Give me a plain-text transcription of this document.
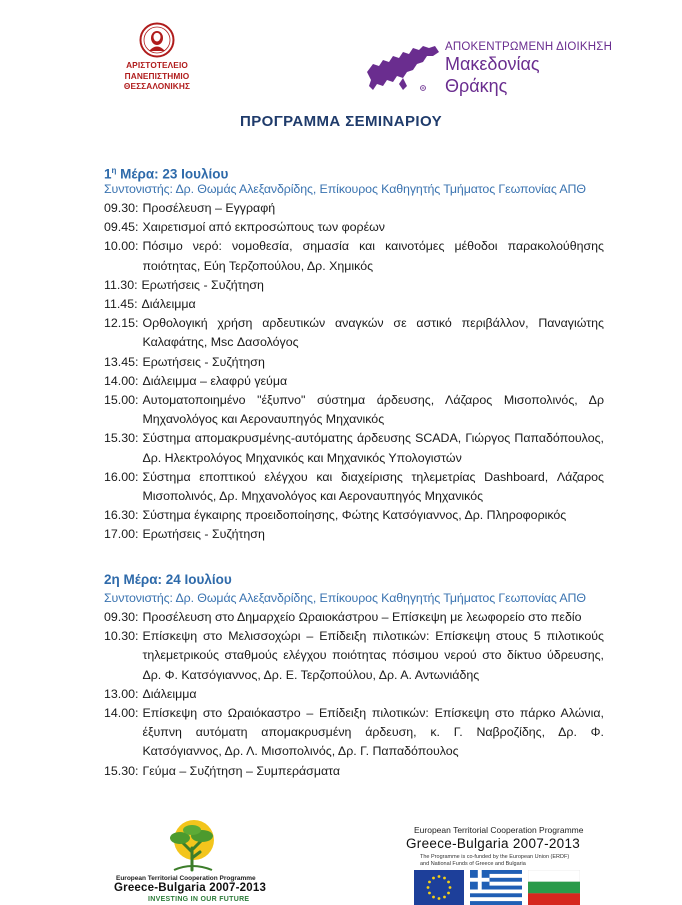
ΑΡΙΣΤΟΤΕΛΕΙΟ
ΠΑΝΕΠΙΣΤΗΜΙΟ
ΘΕΣΣΑΛΟΝΙΚΗΣ
ΑΠΟΚΕΝΤΡΩΜΕΝΗ ΔΙΟΙΚΗΣΗ
Μακεδονίας
Θράκης
ΠΡΟΓΡΑΜΜΑ ΣΕΜΙΝΑΡΙΟΥ
$1^\eta$ Μέρα: 23 Ιουλίου
Συντονιστής: Δρ. Θωμάς Αλεξανδρίδης, Επίκουρος Καθηγητής Τμήματος Γεωπονίας ΑΠΘ
09.30: Προσέλευση – Εγγραφή
09.45: Χαιρετισμοί από εκπροσώπους των φορέων
10.00: Πόσιμο νερό: νομοθεσία, σημασία και καινοτόμες μέθοδοι παρακολούθησης ποιότητας, Εύη Τερζοπούλου, Δρ. Χημικός
11.30: Ερωτήσεις - Συζήτηση
11.45: Διάλειμμα
12.15: Ορθολογική χρήση αρδευτικών αναγκών σε αστικό περιβάλλον, Παναγιώτης Καλαφάτης, Msc Δασολόγος
13.45: Ερωτήσεις - Συζήτηση
14.00: Διάλειμμα – ελαφρύ γεύμα
15.00: Αυτοματοποιημένο "έξυπνο" σύστημα άρδευσης, Λάζαρος Μισοπολινός, Δρ Μηχανολόγος και Αεροναυπηγός Μηχανικός
15.30: Σύστημα απομακρυσμένης-αυτόματης άρδευσης SCADA, Γιώργος Παπαδόπουλος, Δρ. Ηλεκτρολόγος Μηχανικός και Μηχανικός Υπολογιστών
16.00: Σύστημα εποπτικού ελέγχου και διαχείρισης τηλεμετρίας Dashboard, Λάζαρος Μισοπολινός, Δρ. Μηχανολόγος και Αεροναυπηγός Μηχανικός
16.30: Σύστημα έγκαιρης προειδοποίησης, Φώτης Κατσόγιαννος, Δρ. Πληροφορικός
17.00: Ερωτήσεις - Συζήτηση
2η Μέρα: 24 Ιουλίου
Συντονιστής: Δρ. Θωμάς Αλεξανδρίδης, Επίκουρος Καθηγητής Τμήματος Γεωπονίας ΑΠΘ
09.30: Προσέλευση στο Δημαρχείο Ωραιοκάστρου – Επίσκεψη με λεωφορείο στο πεδίο
10.30: Επίσκεψη στο Μελισσοχώρι – Επίδειξη πιλοτικών: Επίσκεψη στους 5 πιλοτικούς τηλεμετρικούς σταθμούς ελέγχου ποιότητας πόσιμου νερού στο δίκτυο ύδρευσης, Δρ. Φ. Κατσόγιαννος, Δρ. Ε. Τερζοπούλου, Δρ. Α. Αντωνιάδης
13.00: Διάλειμμα
14.00: Επίσκεψη στο Ωραιόκαστρο – Επίδειξη πιλοτικών: Επίσκεψη στο πάρκο Αλώνια, έξυπνη αυτόματη απομακρυσμένη άρδευση, κ. Γ. Ναβροζίδης, Δρ. Φ. Κατσόγιαννος, Δρ. Λ. Μισοπολινός, Δρ. Γ. Παπαδόπουλος
15.30: Γεύμα – Συζήτηση – Συμπεράσματα
European Territorial Cooperation Programme
Greece-Bulgaria 2007-2013
INVESTING IN OUR FUTURE
European Territorial Cooperation Programme
Greece-Bulgaria 2007-2013
The Programme is co-funded by the European Union (ERDF)
and National Funds of Greece and Bulgaria
